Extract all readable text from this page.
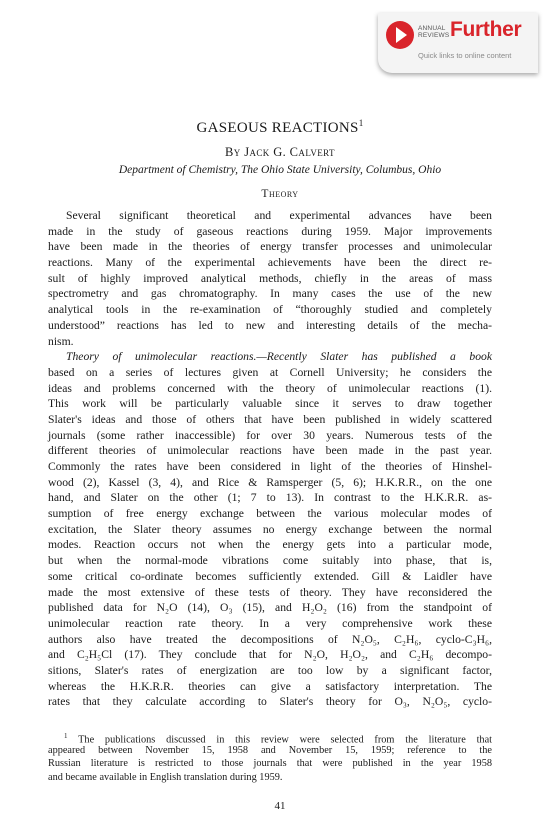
ANNUAL REVIEWS Further
Quick links to online content
GASEOUS REACTIONS$^1$
By Jack G. Calvert
Department of Chemistry, The Ohio State University, Columbus, Ohio
Theory
Several significant theoretical and experimental advances have been
made in the study of gaseous reactions during 1959. Major improvements
have been made in the theories of energy transfer processes and unimolecular
reactions. Many of the experimental achievements have been the direct re-
sult of highly improved analytical methods, chiefly in the areas of mass
spectrometry and gas chromatography. In many cases the use of the new
analytical tools in the re-examination of “thoroughly studied and completely
understood” reactions has led to new and interesting details of the mecha-
nism.
Theory of unimolecular reactions.—Recently Slater has published a book
based on a series of lectures given at Cornell University; he considers the
ideas and problems concerned with the theory of unimolecular reactions (1).
This work will be particularly valuable since it serves to draw together
Slater's ideas and those of others that have been published in widely scattered
journals (some rather inaccessible) for over 30 years. Numerous tests of the
different theories of unimolecular reactions have been made in the past year.
Commonly the rates have been considered in light of the theories of Hinshel-
wood (2), Kassel (3, 4), and Rice & Ramsperger (5, 6); H.K.R.R., on the one
hand, and Slater on the other (1; 7 to 13). In contrast to the H.K.R.R. as-
sumption of free energy exchange between the various molecular modes of
excitation, the Slater theory assumes no energy exchange between the normal
modes. Reaction occurs not when the energy gets into a particular mode,
but when the normal-mode vibrations come suitably into phase, that is,
some critical co-ordinate becomes sufficiently extended. Gill & Laidler have
made the most extensive of these tests of theory. They have reconsidered the
published data for N₂O (14), O₃ (15), and H₂O₂ (16) from the standpoint of
unimolecular reaction rate theory. In a very comprehensive work these
authors also have treated the decompositions of N₂O₅, C₂H₆, cyclo-C₃H₆,
and C₂H₅Cl (17). They conclude that for N₂O, H₂O₂, and C₂H₆ decompo-
sitions, Slater's rates of energization are too low by a significant factor,
whereas the H.K.R.R. theories can give a satisfactory interpretation. The
rates that they calculate according to Slater's theory for O₃, N₂O₅, cyclo-
$^1$ The publications discussed in this review were selected from the literature that
appeared between November 15, 1958 and November 15, 1959; reference to the
Russian literature is restricted to those journals that were published in the year 1958
and became available in English translation during 1959.
41
